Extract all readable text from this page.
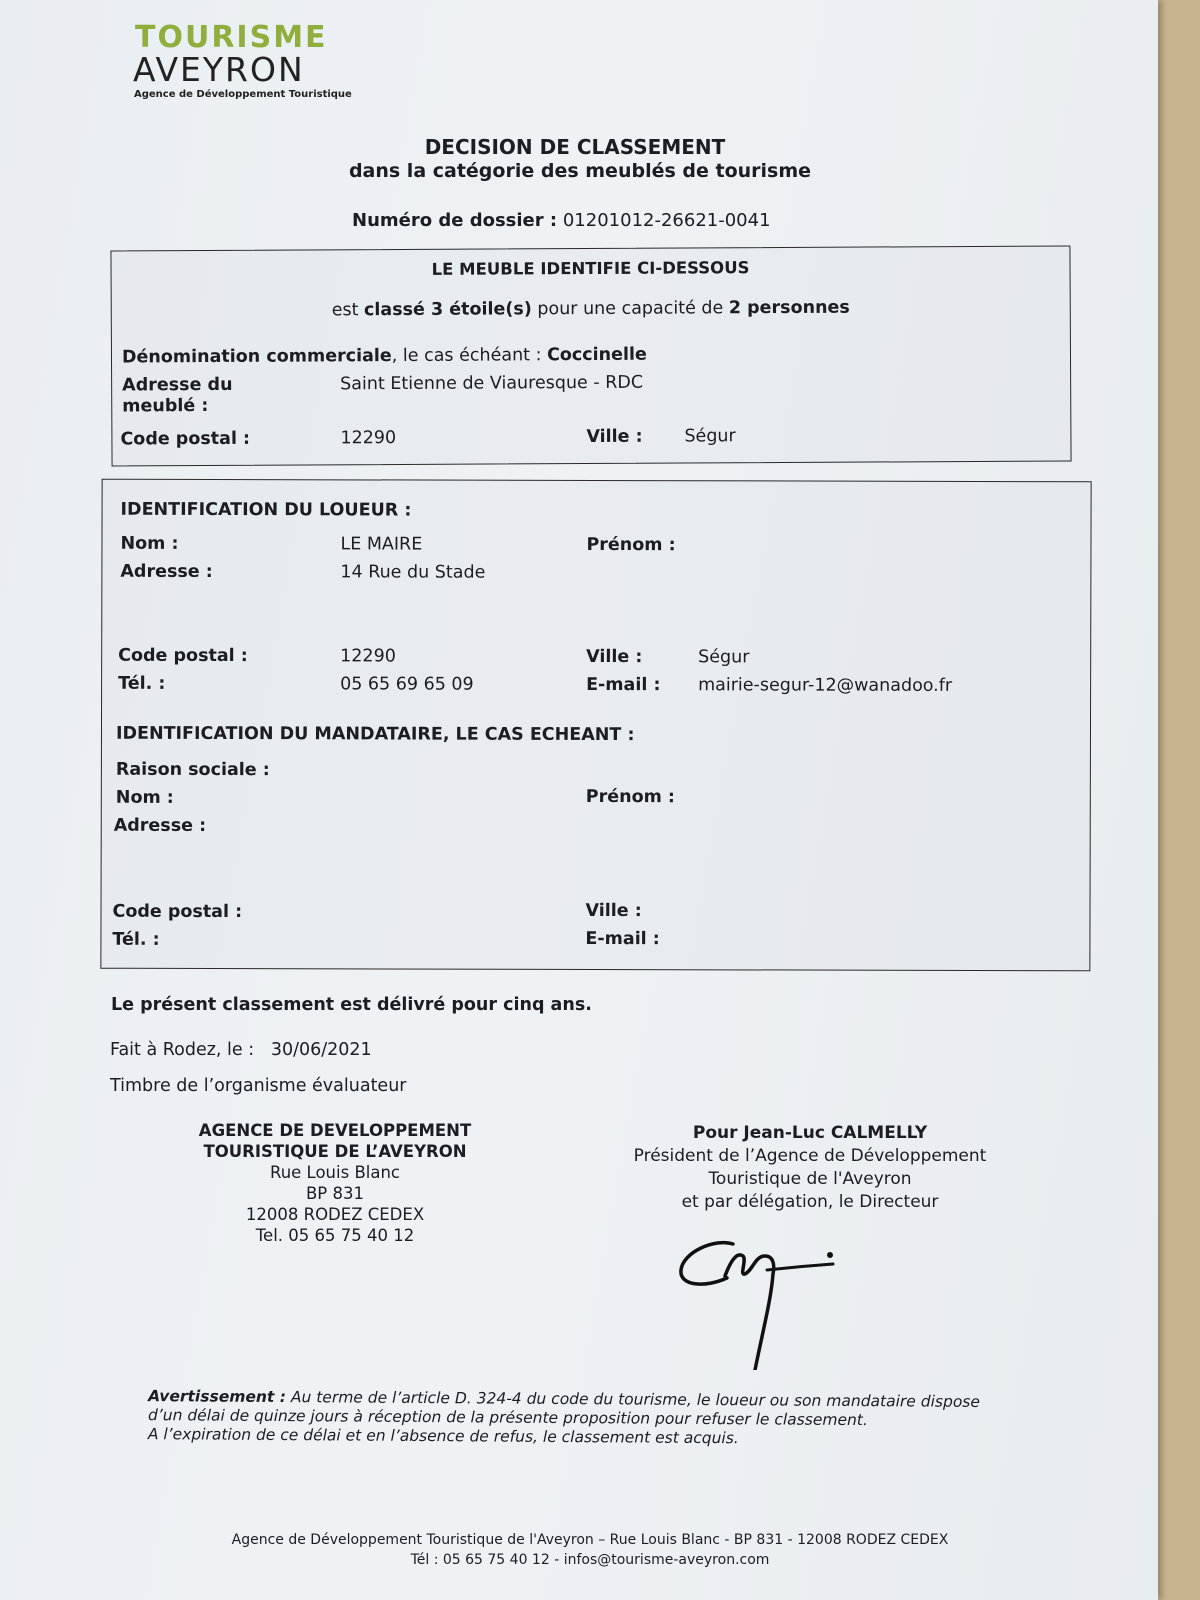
TOURISME
AVEYRON
Agence de Développement Touristique
DECISION DE CLASSEMENT
dans la catégorie des meublés de tourisme
Numéro de dossier : 01201012-26621-0041
LE MEUBLE IDENTIFIE CI-DESSOUS
est classé 3 étoile(s) pour une capacité de 2 personnes
Dénomination commerciale, le cas échéant : Coccinelle
Adresse du
meublé :
Saint Etienne de Viauresque - RDC
Code postal :	12290	Ville : Ségur
IDENTIFICATION DU LOUEUR :
Nom :	LE MAIRE	Prénom :
Adresse :	14 Rue du Stade
Code postal :	12290	Ville :	Ségur
Tél. :	05 65 69 65 09	E-mail : mairie-segur-12@wanadoo.fr
IDENTIFICATION DU MANDATAIRE, LE CAS ECHEANT :
Raison sociale :
Nom :	Prénom :
Adresse :
Code postal :	Ville :
Tél. :	E-mail :
Le présent classement est délivré pour cinq ans.
Fait à Rodez, le : 30/06/2021
Timbre de l’organisme évaluateur
AGENCE DE DEVELOPPEMENT
TOURISTIQUE DE L’AVEYRON
Rue Louis Blanc
BP 831
12008 RODEZ CEDEX
Tel. 05 65 75 40 12
Pour Jean-Luc CALMELLY
Président de l’Agence de Développement
Touristique de l'Aveyron
et par délégation, le Directeur
Avertissement : Au terme de l’article D. 324-4 du code du tourisme, le loueur ou son mandataire dispose
d’un délai de quinze jours à réception de la présente proposition pour refuser le classement.
A l’expiration de ce délai et en l’absence de refus, le classement est acquis.
Agence de Développement Touristique de l'Aveyron – Rue Louis Blanc - BP 831 - 12008 RODEZ CEDEX
Tél : 05 65 75 40 12 - infos@tourisme-aveyron.com
